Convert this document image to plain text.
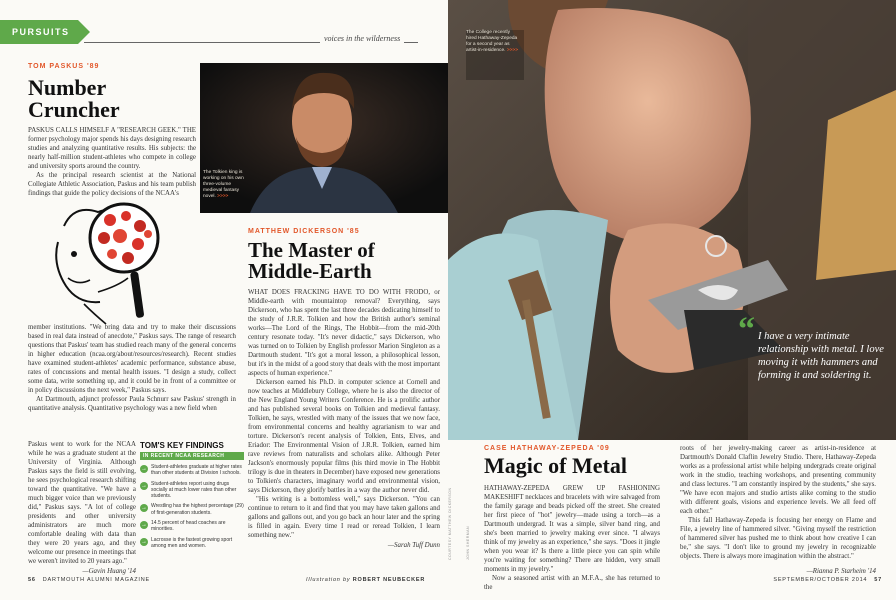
PURSUITS
voices in the wilderness
TOM PASKUS '89
Number
Cruncher

PASKUS CALLS HIMSELF A "RESEARCH GEEK." THE former psychology major spends his days designing research studies and analyzing quantitative results. His subjects: the nearly half-million student-athletes who compete in college and university sports around the country.

As the principal research scientist at the National Collegiate Athletic Association, Paskus and his team publish findings that guide the policy decisions of the NCAA's

member institutions. "We bring data and try to make their discussions based in real data instead of anecdote," Paskus says. The range of research questions that Paskus' team has studied reach many of the general concerns in higher education (ncaa.org/about/resources/research). Recent studies have examined student-athletes' academic performance, substance abuse, rates of concussions and mental health issues. "I design a study, collect some data, write something up, and it could be in front of a committee or in policy discussions the next week," Paskus says.

At Dartmouth, adjunct professor Paula Schnurr saw Paskus' strength in quantitative analysis. Quantitative psychology was a new field when

Paskus went to work for the NCAA while he was a graduate student at the University of Virginia. Although Paskus says the field is still evolving, he sees psychological research shifting toward the quantitative. "We have a much bigger voice than we previously did," Paskus says. "A lot of college presidents and other university administrators are much more comfortable dealing with data than they were 20 years ago, and they welcome our presence in meetings that we weren't invited to 20 years ago."

—Gavin Huang '14
The Tolkien king is working on his own three-volume medieval fantasy novel. >>>>
MATTHEW DICKERSON '85
The Master of
Middle-Earth

WHAT DOES FRACKING HAVE TO DO WITH FRODO, or Middle-earth with mountaintop removal? Everything, says Dickerson, who has spent the last three decades dedicating himself to the study of J.R.R. Tolkien and how the British author's seminal works—The Lord of the Rings, The Hobbit—from the mid-20th century resonate today. "It's never didactic," says Dickerson, who was turned on to Tolkien by English professor Marion Singleton as a Dartmouth student. "It's got a moral lesson, a philosophical lesson, but it's in the midst of a good story that deals with the most important aspects of human experience."

Dickerson earned his Ph.D. in computer science at Cornell and now teaches at Middlebury College, where he is also the director of the New England Young Writers Conference. He is a prolific author and has published several books on Tolkien and medieval fantasy. Tolkien, he says, wrestled with many of the issues that we now face, from environmental concerns and healthy agrarianism to war and torture. Dickerson's recent analysis of Tolkien, Ents, Elves, and Eriador: The Environmental Vision of J.R.R. Tolkien, earned him rave reviews from naturalists and scholars alike. Although Peter Jackson's enormously popular films (his third movie in The Hobbit trilogy is due in theaters in December) have exposed new generations to Tolkien's characters, imaginary world and environmental vision, says Dickerson, they glorify battles in a way the author never did.

"His writing is a bottomless well," says Dickerson. "You can continue to return to it and find that you may have taken gallons and gallons and gallons out, and you go back an hour later and the spring is filled in again. Every time I read or reread Tolkien, I learn something new."

—Sarah Tuff Dunn
TOM'S KEY FINDINGS
IN RECENT NCAA RESEARCH
→ Student-athletes graduate at higher rates than other students at Division I schools.
→ Student-athletes report using drugs socially at much lower rates than other students.
→ Wrestling has the highest percentage (29) of first-generation students.
→ 14.5 percent of head coaches are minorities.
→ Lacrosse is the fastest growing sport among men and women.
56 DARTMOUTH ALUMNI MAGAZINE	Illustration by ROBERT NEUBECKER
The College recently hired Hathaway-Zepeda for a second year as artist-in-residence. >>>>
“ I have a very intimate relationship with metal. I love moving it with hammers and forming it and soldering it.
CASE HATHAWAY-ZEPEDA '09
Magic of Metal

HATHAWAY-ZEPEDA GREW UP FASHIONING MAKESHIFT necklaces and bracelets with wire salvaged from the family garage and beads picked off the street. She created her first piece of "hot" jewelry—made using a torch—as a Dartmouth undergrad. It was a simple, silver band ring, and she's been married to jewelry making ever since. "I always think of my jewelry as an experience," she says. "Does it jingle when you wear it? Is there a little piece you can spin while you're waiting for something? There are hidden, very small moments in my jewelry."

Now a seasoned artist with an M.F.A., she has returned to the

roots of her jewelry-making career as artist-in-residence at Dartmouth's Donald Claflin Jewelry Studio. There, Hathaway-Zepeda works as a professional artist while helping undergrads create original work in the studio, teaching workshops, and presenting community and class lectures. "I am constantly inspired by the students," she says. "We have econ majors and studio artists alike coming to the studio with different goals, visions and experience levels. We all feed off each other."

This fall Hathaway-Zepeda is focusing her energy on Flame and File, a jewelry line of hammered silver. "Giving myself the restriction of hammered silver has pushed me to think about how creative I can be," she says. "I don't like to ground my jewelry in recognizable objects. There is always more imagination within the abstract."

—Rianna P. Starheim '14
COURTESY MATTHEW DICKERSON	JOHN SHERMAN
SEPTEMBER/OCTOBER 2014 57
